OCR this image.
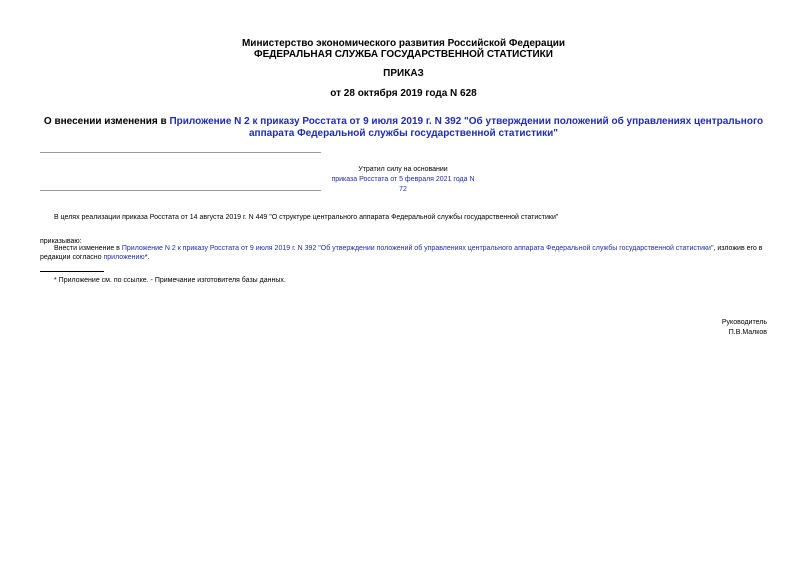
Министерство экономического развития Российской Федерации
ФЕДЕРАЛЬНАЯ СЛУЖБА ГОСУДАРСТВЕННОЙ СТАТИСТИКИ
ПРИКАЗ
от 28 октября 2019 года N 628
О внесении изменения в Приложение N 2 к приказу Росстата от 9 июля 2019 г. N 392 "Об утверждении положений об управлениях центрального аппарата Федеральной службы государственной статистики"
Утратил силу на основании
приказа Росстата от 5 февраля 2021 года N 72
В целях реализации приказа Росстата от 14 августа 2019 г. N 449 "О структуре центрального аппарата Федеральной службы государственной статистики"
приказываю:
Внести изменение в Приложение N 2 к приказу Росстата от 9 июля 2019 г. N 392 "Об утверждении положений об управлениях центрального аппарата Федеральной службы государственной статистики", изложив его в редакции согласно приложению*.
* Приложение см. по ссылке. - Примечание изготовителя базы данных.
Руководитель
П.В.Малков
